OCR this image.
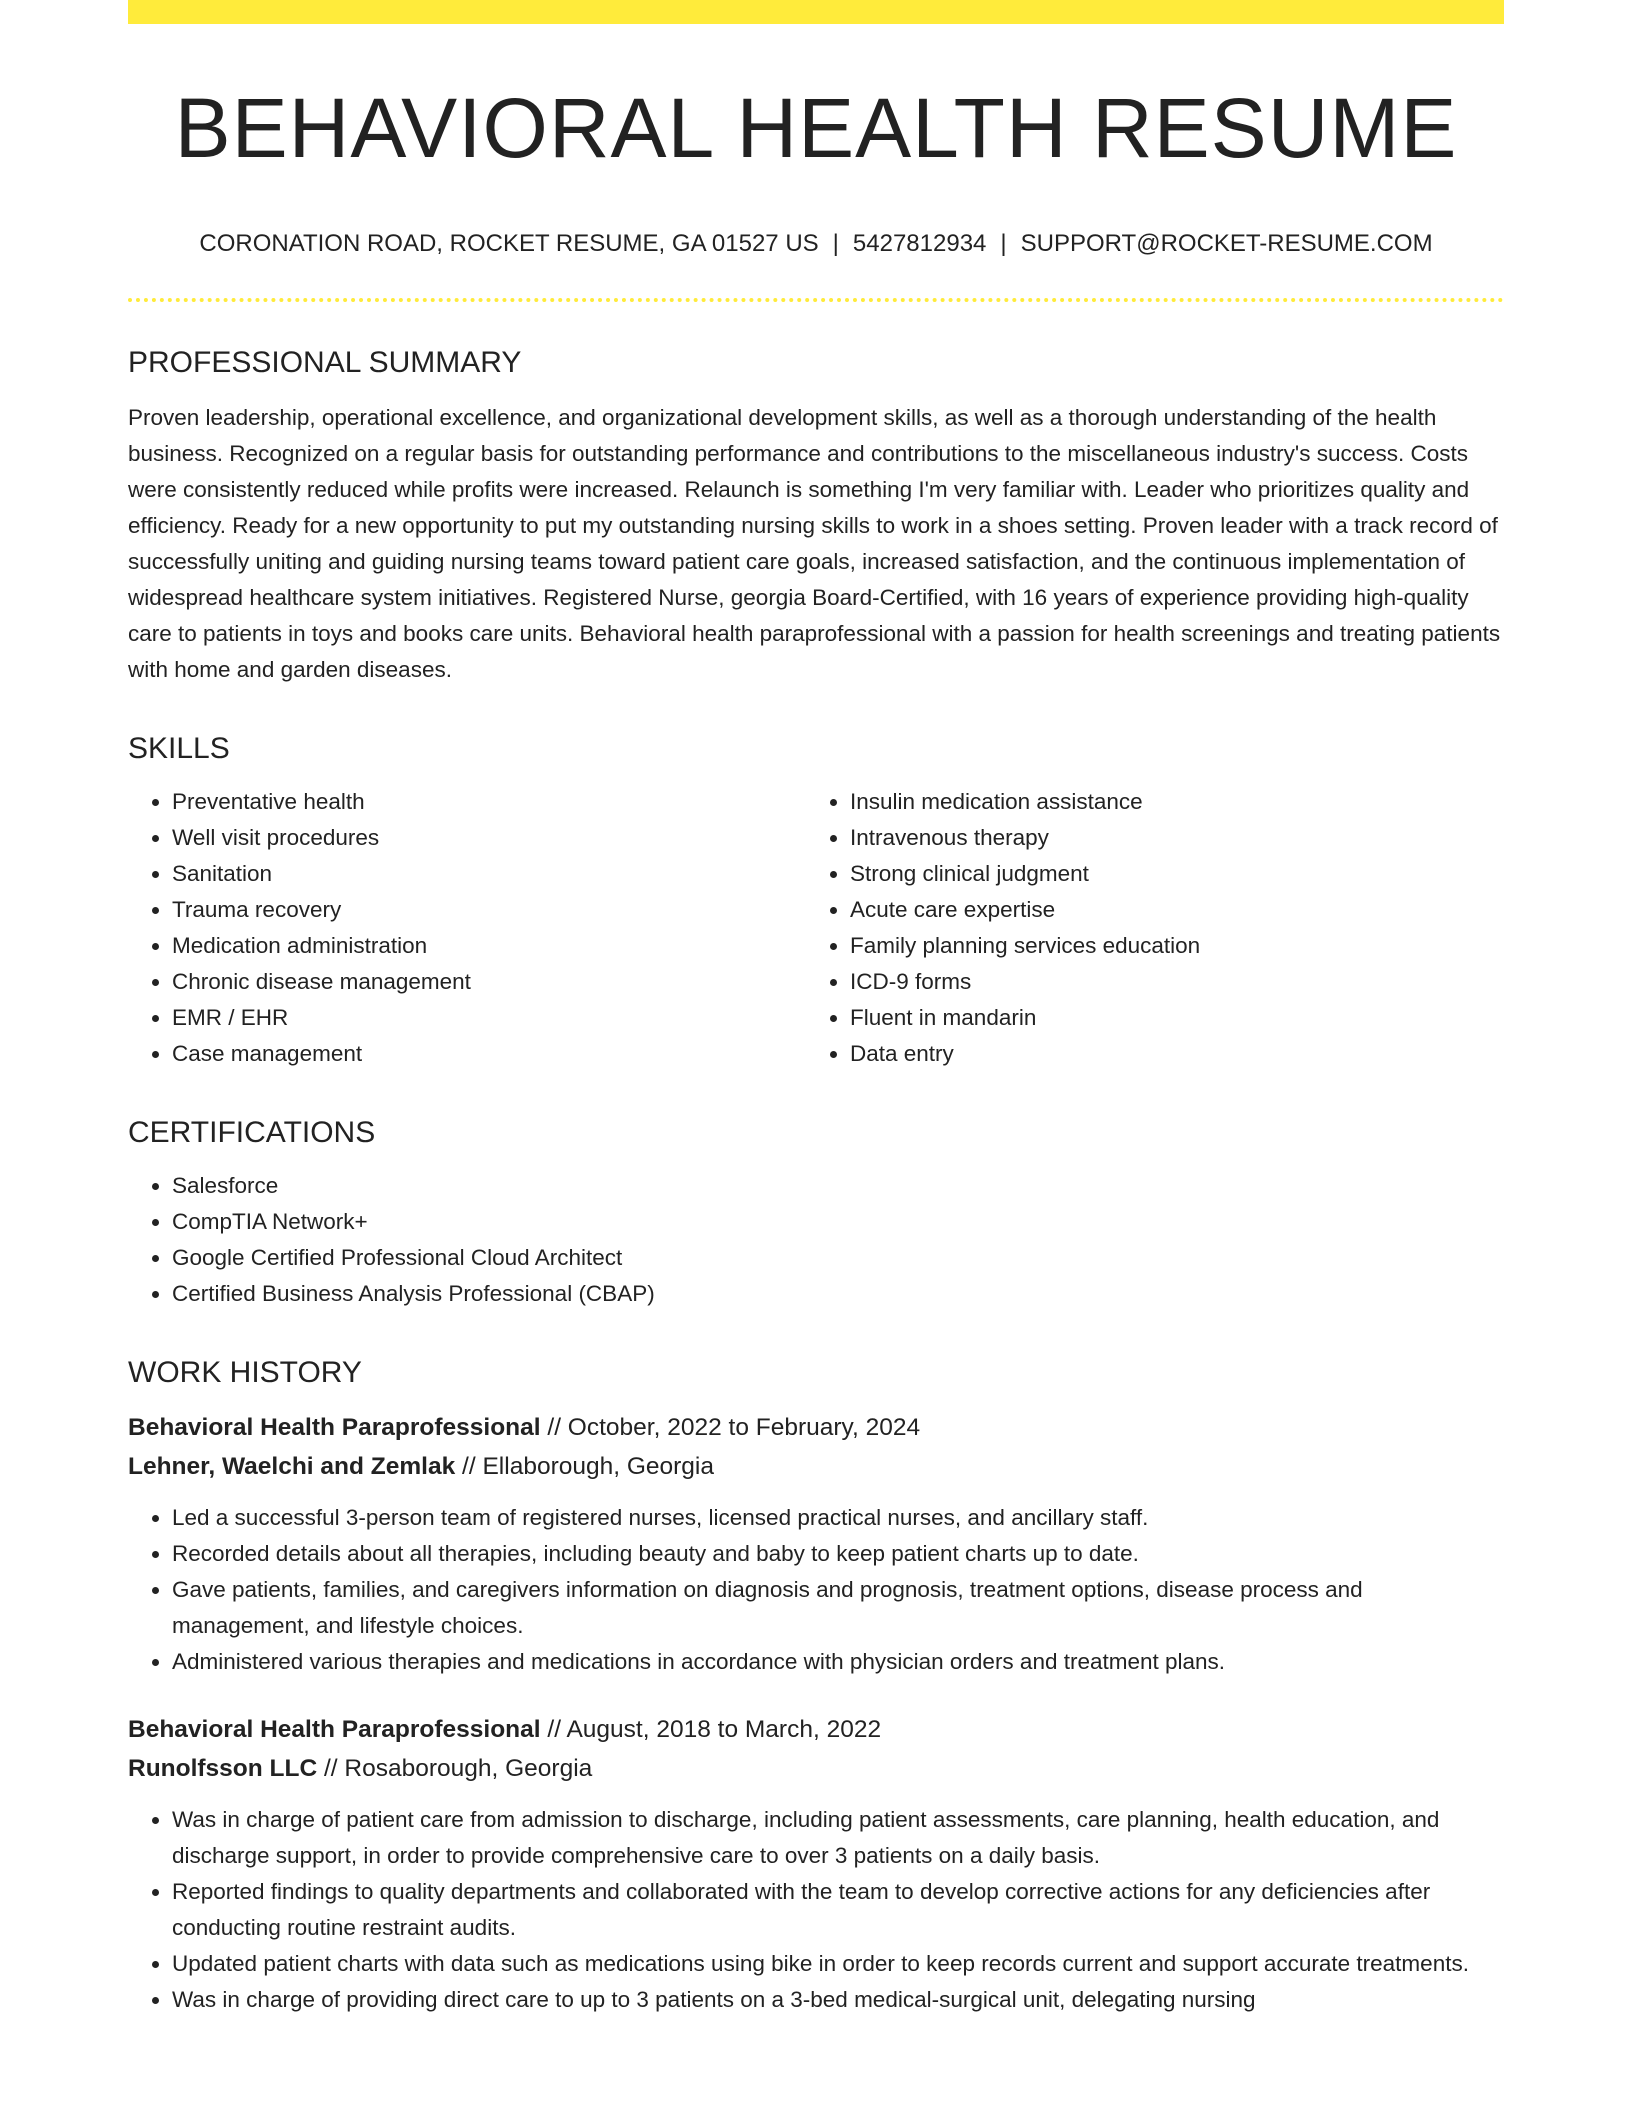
BEHAVIORAL HEALTH RESUME
CORONATION ROAD, ROCKET RESUME, GA 01527 US | 5427812934 | SUPPORT@ROCKET-RESUME.COM
PROFESSIONAL SUMMARY

Proven leadership, operational excellence, and organizational development skills, as well as a thorough understanding of the health business. Recognized on a regular basis for outstanding performance and contributions to the miscellaneous industry's success. Costs were consistently reduced while profits were increased. Relaunch is something I'm very familiar with. Leader who prioritizes quality and efficiency. Ready for a new opportunity to put my outstanding nursing skills to work in a shoes setting. Proven leader with a track record of successfully uniting and guiding nursing teams toward patient care goals, increased satisfaction, and the continuous implementation of widespread healthcare system initiatives. Registered Nurse, georgia Board-Certified, with 16 years of experience providing high-quality care to patients in toys and books care units. Behavioral health paraprofessional with a passion for health screenings and treating patients with home and garden diseases.

SKILLS
• Preventative health
• Well visit procedures
• Sanitation
• Trauma recovery
• Medication administration
• Chronic disease management
• EMR / EHR
• Case management
• Insulin medication assistance
• Intravenous therapy
• Strong clinical judgment
• Acute care expertise
• Family planning services education
• ICD-9 forms
• Fluent in mandarin
• Data entry
CERTIFICATIONS
• Salesforce
• CompTIA Network+
• Google Certified Professional Cloud Architect
• Certified Business Analysis Professional (CBAP)
WORK HISTORY
Behavioral Health Paraprofessional // October, 2022 to February, 2024
Lehner, Waelchi and Zemlak // Ellaborough, Georgia
• Led a successful 3-person team of registered nurses, licensed practical nurses, and ancillary staff.
• Recorded details about all therapies, including beauty and baby to keep patient charts up to date.
• Gave patients, families, and caregivers information on diagnosis and prognosis, treatment options, disease process and management, and lifestyle choices.
• Administered various therapies and medications in accordance with physician orders and treatment plans.
Behavioral Health Paraprofessional // August, 2018 to March, 2022
Runolfsson LLC // Rosaborough, Georgia
• Was in charge of patient care from admission to discharge, including patient assessments, care planning, health education, and discharge support, in order to provide comprehensive care to over 3 patients on a daily basis.
• Reported findings to quality departments and collaborated with the team to develop corrective actions for any deficiencies after conducting routine restraint audits.
• Updated patient charts with data such as medications using bike in order to keep records current and support accurate treatments.
• Was in charge of providing direct care to up to 3 patients on a 3-bed medical-surgical unit, delegating nursing
